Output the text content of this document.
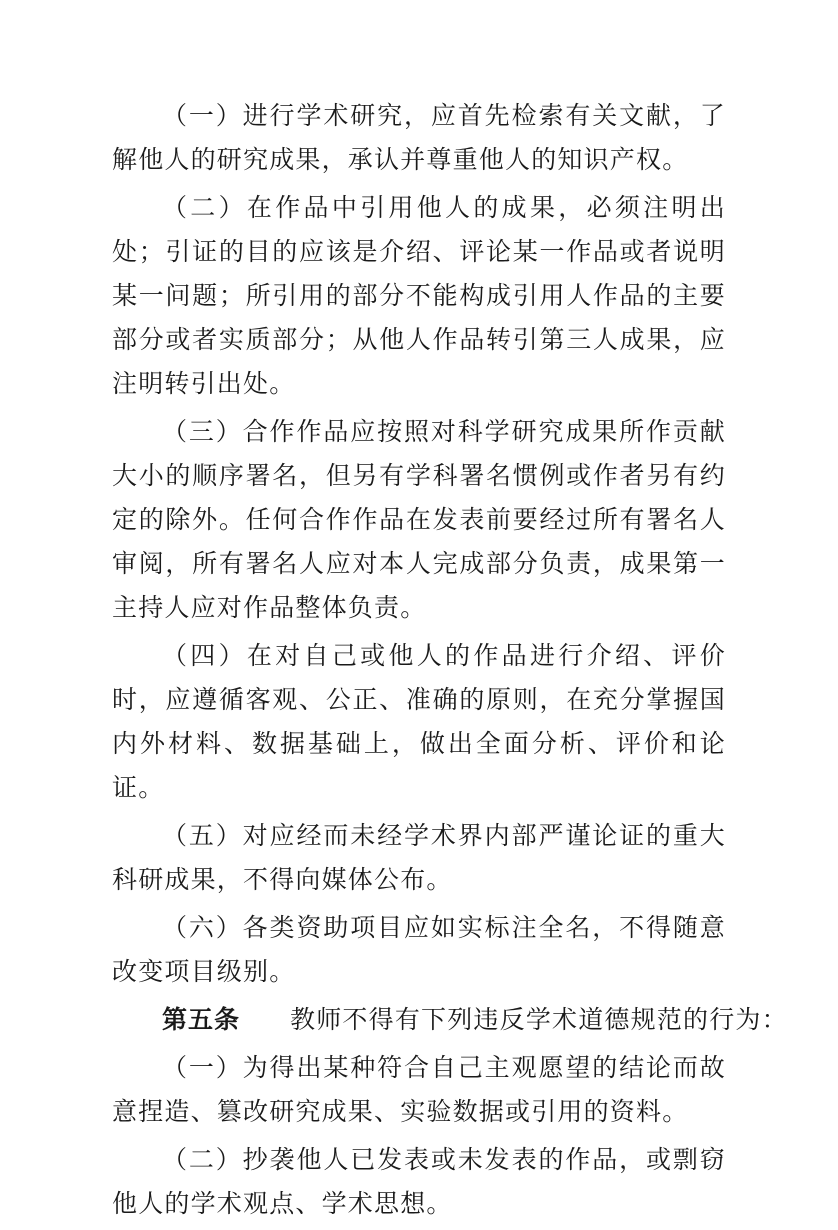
（一）进行学术研究，应首先检索有关文献，了解他人的研究成果，承认并尊重他人的知识产权。

（二）在作品中引用他人的成果，必须注明出处；引证的目的应该是介绍、评论某一作品或者说明某一问题；所引用的部分不能构成引用人作品的主要部分或者实质部分；从他人作品转引第三人成果，应注明转引出处。

（三）合作作品应按照对科学研究成果所作贡献大小的顺序署名，但另有学科署名惯例或作者另有约定的除外。任何合作作品在发表前要经过所有署名人审阅，所有署名人应对本人完成部分负责，成果第一主持人应对作品整体负责。

（四）在对自己或他人的作品进行介绍、评价时，应遵循客观、公正、准确的原则，在充分掌握国内外材料、数据基础上，做出全面分析、评价和论证。

（五）对应经而未经学术界内部严谨论证的重大科研成果，不得向媒体公布。

（六）各类资助项目应如实标注全名，不得随意改变项目级别。

第五条 教师不得有下列违反学术道德规范的行为：

（一）为得出某种符合自己主观愿望的结论而故意捏造、篡改研究成果、实验数据或引用的资料。

（二）抄袭他人已发表或未发表的作品，或剽窃他人的学术观点、学术思想。
